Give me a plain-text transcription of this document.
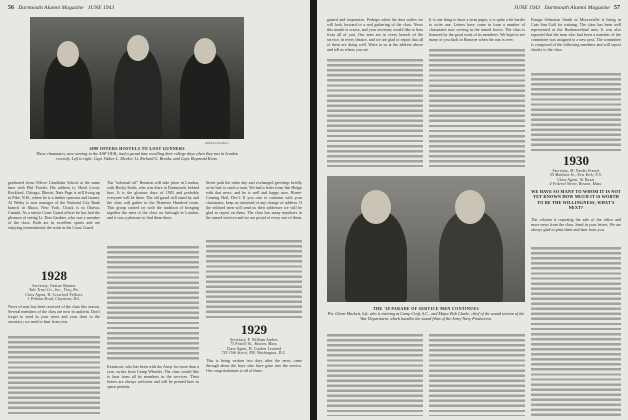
56 Dartmouth Alumni Magazine JUNE 1943
Official USA Photo
1899 OFFERS HOSTELS TO LOST GUNNERS
These classmates, now serving in the AAF-OIAL, had a grand time recalling their college days when they met in London recently. Left to right, Capt. Walter L. Meeker, Lt. Richard G. Brooks, and Capt. Raymond Kenn.
graduated from Officer Candidate School at the same time with Phil Fowler. His address is: Hotel Lovat, Rockford, Chicago, Illinois. Nate Page is still living up in Pike, N.H., where he is a timber operator and farmer. Al Wetby is now manager of the National City Bank branch in Ithaca, New York. Chuck is in Ottawa, Canada. As a senior Coast Guard officer he has had the pleasure of seeing Lt. Don Gardner, who was a member of the class. Both are in excellent spirits and are enjoying tremendously the work in the Coast Guard.
1928
Secretary, Osmun Skinner
Yale Trust Co., Inc., Troy, Pa.
Class Agent, H. Crawford Fellows
1 Pelham Road, Claymont, Del.
News of note has been received of the class this season. Several members of the class are now in uniform. Don't forget to send in your news and your dues to the secretary; we need to hear from you.
The "informal off" Reunion will take place in London, with Rocky Keith, who was there at Dartmouth, behind bars. It is the glorious days of 1903 and probably everyone will be there. The old guard will stand by and the class will gather in the Nineteen Hundred room. This group carried on with the tradition of bringing together the men of the class on furlough in London, and it was a pleasure to find them there.
Kennicott, who has been with the Army for more than a year, writes from Camp Wheeler. The class would like to hear from all its members in the services. Their letters are always welcome and will be printed here as space permits.
Street path the other day and exchanged greetings briefly as he had to catch a train. We had a letter from Jim Hedge with that news, and he is well and happy now. Home-Coming Heil, Dev't. If you care to continue with your classmates, keep us informed of any change of address. If the enlisted men will send us their addresses we will be glad to report on them. The class has many members in the armed services and we are proud of every one of them.
1929
Secretary, F. William Andres
73 Fowell St., Boston, Mass.
Class Agent, H. Gordon Leonard
745 15th Street, NW, Washington, D.C.
This is being written two days after the news came through about the boys who have gone into the service. Our congratulations to all of them.
JUNE 1943 Dartmouth Alumni Magazine 57
gained and responsive. Perhaps when the dust settles we will look forward to a real gathering of the class. News this month is scarce, and your secretary would like to hear from all of you. Our men are in every branch of the service, in every theatre, and we are glad to report that all of them are doing well. Write to us at the address above and tell us where you are.
It is one thing to have a term paper, it is quite a bit harder to write one. Letters have come in from a number of classmates now serving in the armed forces. The class is honored by the good work of its members. We hope to see many of you back in Hanover when the war is over.
THE '28 PARADE OF SERVICE MEN CONTINUES
Pvt. Glenn Mackett, left, who is training at Camp Croft, S.C., and Major Bob Clarke, chief of the sound section of the War Department, which handles the sound films of the Army-Navy Production.
Ensign Sebastian Smith in Mooresville is being in Cute Sun Gulf for training. The class has been well represented at the Rushmoreland area. It was also reported that the man who had been a member of the committee was assigned to a new post. The committee is composed of the following members and will report shortly to the class.
1930
Secretary, M. Nardis French
55 Madison St., New York, N.Y.
Class Agent, Al Duzat
4 Federal Street, Boston, Mass.
WE HAVE SO MANY TO WHOM IT IS NOT YET KNOWN HOW MUCH IT IS WORTH TO BE THE WILLINGNESS, WHAT'S NEXT?
The column is reporting the sale of the office and more news from the class. Send in your letters. We are always glad to print them and hear from you.
